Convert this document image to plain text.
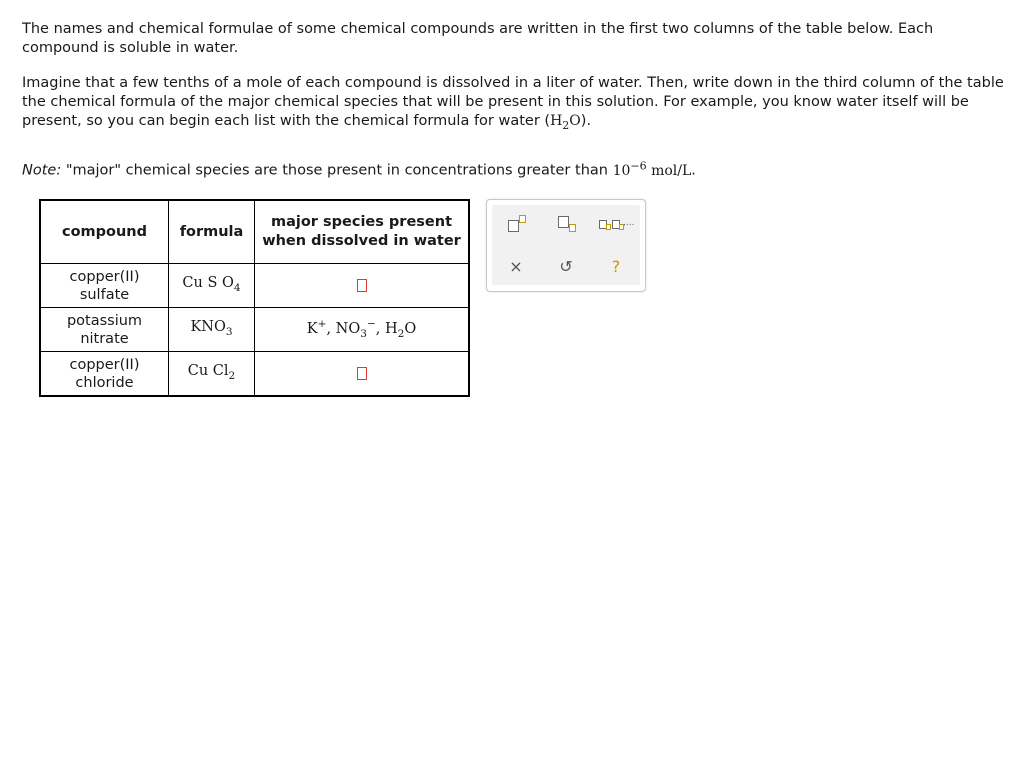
The names and chemical formulae of some chemical compounds are written in the first two columns of the table below. Each compound is soluble in water.

Imagine that a few tenths of a mole of each compound is dissolved in a liter of water. Then, write down in the third column of the table the chemical formula of the major chemical species that will be present in this solution. For example, you know water itself will be present, so you can begin each list with the chemical formula for water $(H_2O)$.

Note: "major" chemical species are those present in concentrations greater than $10^{-6}$ mol/L.

compound	formula	major species present when dissolved in water
copper(II)
sulfate	Cu S $O_4$	
potassium
nitrate	$KNO_3$	K+, $NO_3^-$, $H_2O$
copper(II)
chloride	Cu $Cl_2$	
,...
× ↺ ?
